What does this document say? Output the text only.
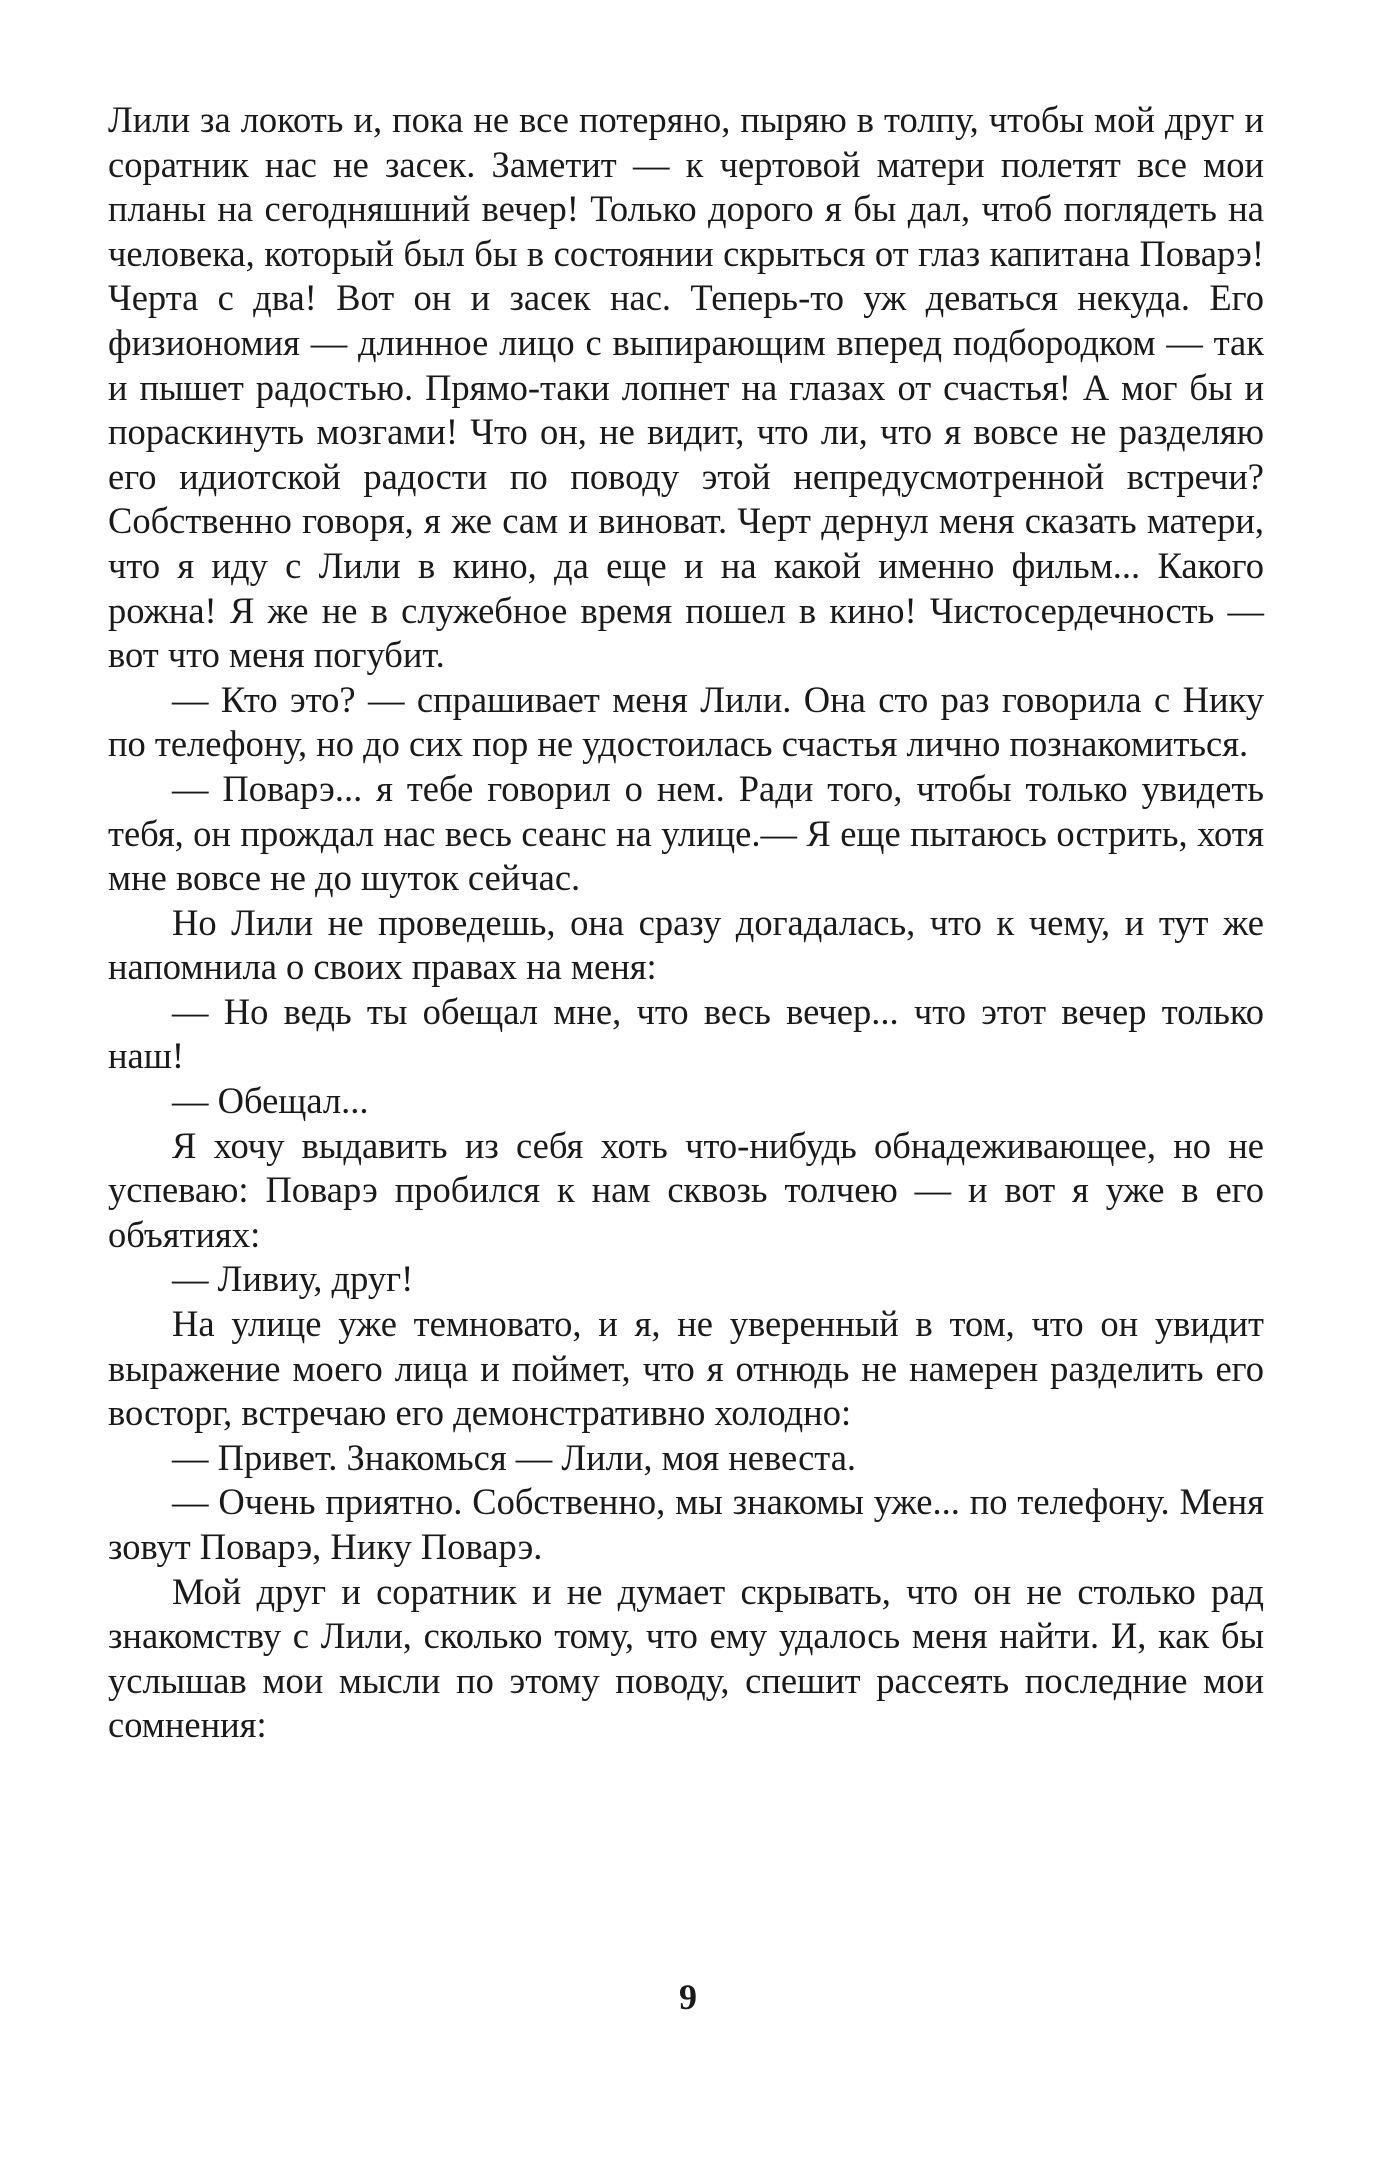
Лили за локоть и, пока не все потеряно, пыряю в толпу, чтобы мой друг и соратник нас не засек. Заметит — к чертовой матери полетят все мои планы на сегодняшний вечер! Только дорого я бы дал, чтоб поглядеть на человека, который был бы в состоянии скрыться от глаз капитана Поварэ! Черта с два! Вот он и засек нас. Теперь-то уж деваться некуда. Его физиономия — длинное лицо с выпирающим вперед подбородком — так и пышет радостью. Прямо-таки лопнет на глазах от счастья! А мог бы и пораскинуть мозгами! Что он, не видит, что ли, что я вовсе не разделяю его идиотской радости по поводу этой непредусмотренной встречи? Собственно говоря, я же сам и виноват. Черт дернул меня сказать матери, что я иду с Лили в кино, да еще и на какой именно фильм... Какого рожна! Я же не в служебное время пошел в кино! Чистосердечность — вот что меня погубит.

— Кто это? — спрашивает меня Лили. Она сто раз говорила с Нику по телефону, но до сих пор не удостоилась счастья лично познакомиться.

— Поварэ... я тебе говорил о нем. Ради того, чтобы только увидеть тебя, он прождал нас весь сеанс на улице.— Я еще пытаюсь острить, хотя мне вовсе не до шуток сейчас.

Но Лили не проведешь, она сразу догадалась, что к чему, и тут же напомнила о своих правах на меня:

— Но ведь ты обещал мне, что весь вечер... что этот вечер только наш!

— Обещал...

Я хочу выдавить из себя хоть что-нибудь обнадеживающее, но не успеваю: Поварэ пробился к нам сквозь толчею — и вот я уже в его объятиях:

— Ливиу, друг!

На улице уже темновато, и я, не уверенный в том, что он увидит выражение моего лица и поймет, что я отнюдь не намерен разделить его восторг, встречаю его демонстративно холодно:

— Привет. Знакомься — Лили, моя невеста.

— Очень приятно. Собственно, мы знакомы уже... по телефону. Меня зовут Поварэ, Нику Поварэ.

Мой друг и соратник и не думает скрывать, что он не столько рад знакомству с Лили, сколько тому, что ему удалось меня найти. И, как бы услышав мои мысли по этому поводу, спешит рассеять последние мои сомнения:

9
